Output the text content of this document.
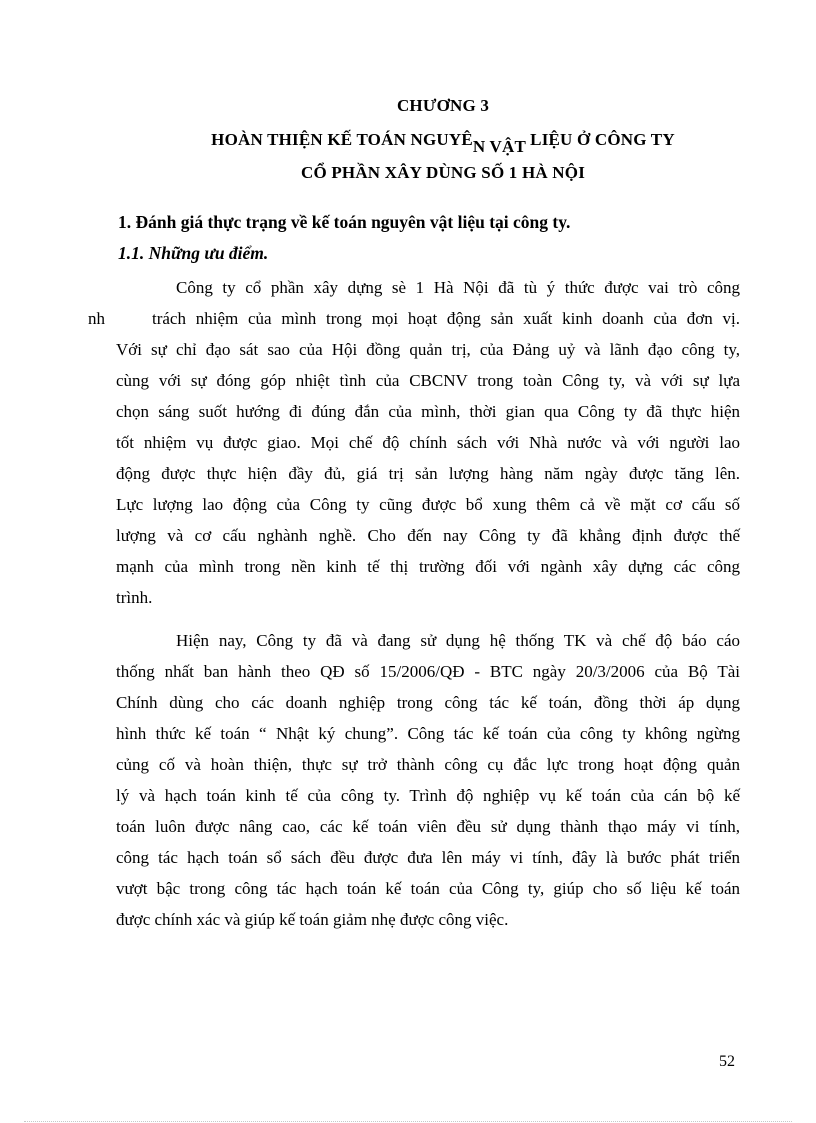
CHƯƠNG 3
HOÀN THIỆN KẾ TOÁN NGUYÊN VẬT LIỆU Ở CÔNG TY
CỔ PHẦN XÂY DÙNG SỐ 1 HÀ NỘI
1. Đánh giá thực trạng về kế toán nguyên vật liệu tại công ty.
1.1. Những ưu điểm.
Công ty cổ phần xây dựng sè 1 Hà Nội đã tù ý thức được vai trò công
nh	trách nhiệm của mình trong mọi hoạt động sản xuất kinh doanh của đơn vị.
Với sự chỉ đạo sát sao của Hội đồng quản trị, của Đảng uỷ và lãnh đạo công ty,
cùng với sự đóng góp nhiệt tình của CBCNV trong toàn Công ty, và với sự lựa
chọn sáng suốt hướng đi đúng đắn của mình, thời gian qua Công ty đã thực hiện
tốt nhiệm vụ được giao. Mọi chế độ chính sách với Nhà nước và với người lao
động được thực hiện đầy đủ, giá trị sản lượng hàng năm ngày được tăng lên.
Lực lượng lao động của Công ty cũng được bổ xung thêm cả về mặt cơ cấu số
lượng và cơ cấu nghành nghề. Cho đến nay Công ty đã khẳng định được thế
mạnh của mình trong nền kinh tế thị trường đối với ngành xây dựng các công
trình.
Hiện nay, Công ty đã và đang sử dụng hệ thống TK và chế độ báo cáo
thống nhất ban hành theo QĐ số 15/2006/QĐ - BTC ngày 20/3/2006 của Bộ Tài
Chính dùng cho các doanh nghiệp trong công tác kế toán, đồng thời áp dụng
hình thức kế toán “ Nhật ký chung”. Công tác kế toán của công ty không ngừng
củng cố và hoàn thiện, thực sự trở thành công cụ đắc lực trong hoạt động quản
lý và hạch toán kinh tế của công ty. Trình độ nghiệp vụ kế toán của cán bộ kế
toán luôn được nâng cao, các kế toán viên đều sử dụng thành thạo máy vi tính,
công tác hạch toán sổ sách đều được đưa lên máy vi tính, đây là bước phát triển
vượt bậc trong công tác hạch toán kế toán của Công ty, giúp cho số liệu kế toán
được chính xác và giúp kế toán giảm nhẹ được công việc.
52
